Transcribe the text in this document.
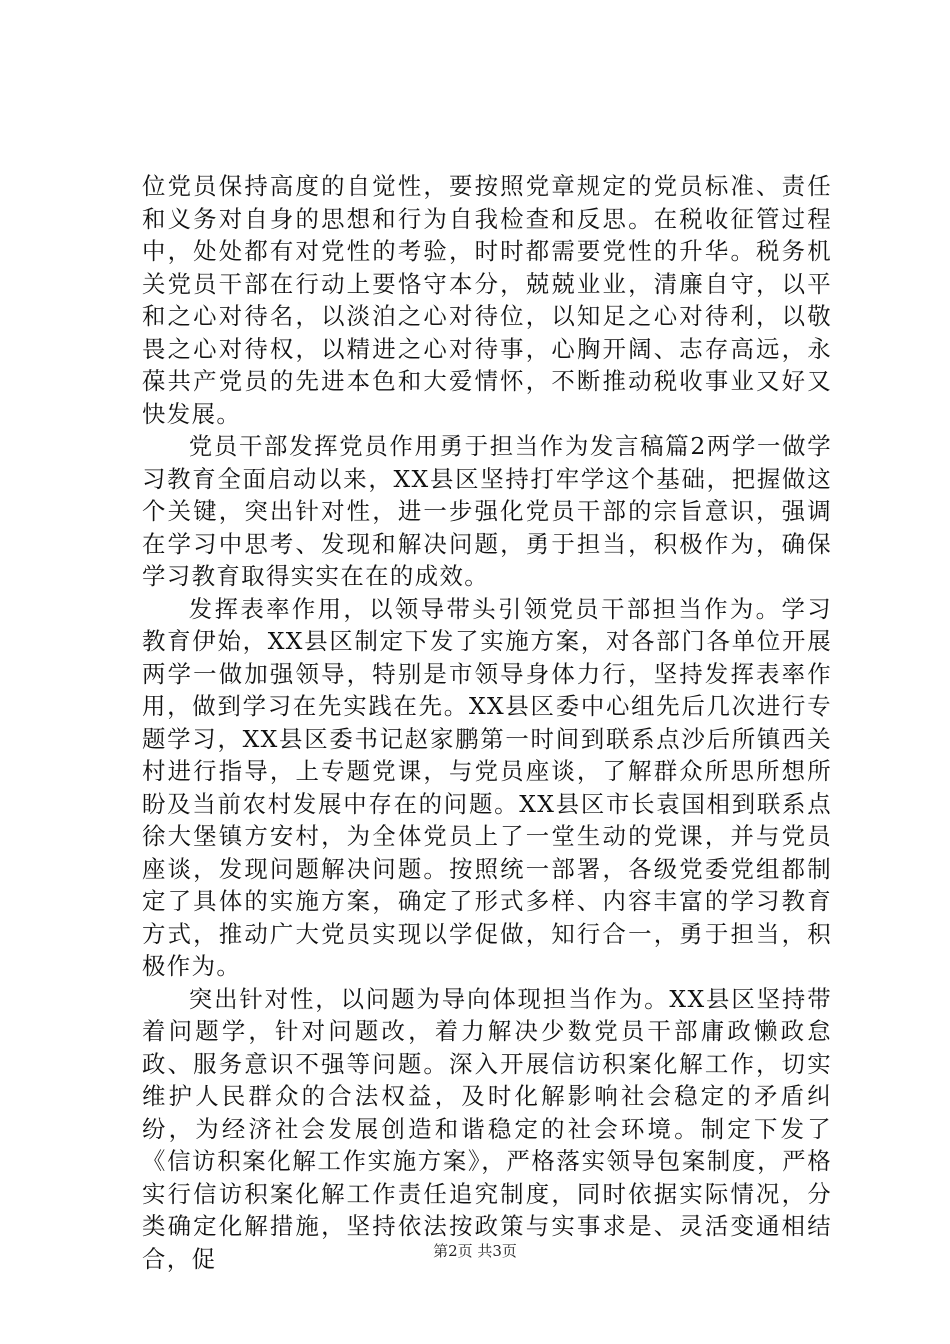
位党员保持高度的自觉性，要按照党章规定的党员标准、责任和义务对自身的思想和行为自我检查和反思。在税收征管过程中，处处都有对党性的考验，时时都需要党性的升华。税务机关党员干部在行动上要恪守本分，兢兢业业，清廉自守，以平和之心对待名，以淡泊之心对待位，以知足之心对待利，以敬畏之心对待权，以精进之心对待事，心胸开阔、志存高远，永葆共产党员的先进本色和大爱情怀，不断推动税收事业又好又快发展。

党员干部发挥党员作用勇于担当作为发言稿篇2两学一做学习教育全面启动以来，XX县区坚持打牢学这个基础，把握做这个关键，突出针对性，进一步强化党员干部的宗旨意识，强调在学习中思考、发现和解决问题，勇于担当，积极作为，确保学习教育取得实实在在的成效。

发挥表率作用，以领导带头引领党员干部担当作为。学习教育伊始，XX县区制定下发了实施方案，对各部门各单位开展两学一做加强领导，特别是市领导身体力行，坚持发挥表率作用，做到学习在先实践在先。XX县区委中心组先后几次进行专题学习，XX县区委书记赵家鹏第一时间到联系点沙后所镇西关村进行指导，上专题党课，与党员座谈，了解群众所思所想所盼及当前农村发展中存在的问题。XX县区市长袁国相到联系点徐大堡镇方安村，为全体党员上了一堂生动的党课，并与党员座谈，发现问题解决问题。按照统一部署，各级党委党组都制定了具体的实施方案，确定了形式多样、内容丰富的学习教育方式，推动广大党员实现以学促做，知行合一，勇于担当，积极作为。

突出针对性，以问题为导向体现担当作为。XX县区坚持带着问题学，针对问题改，着力解决少数党员干部庸政懒政怠政、服务意识不强等问题。深入开展信访积案化解工作，切实维护人民群众的合法权益，及时化解影响社会稳定的矛盾纠纷，为经济社会发展创造和谐稳定的社会环境。制定下发了《信访积案化解工作实施方案》，严格落实领导包案制度，严格实行信访积案化解工作责任追究制度，同时依据实际情况，分类确定化解措施，坚持依法按政策与实事求是、灵活变通相结合，促	第2页 共3页
